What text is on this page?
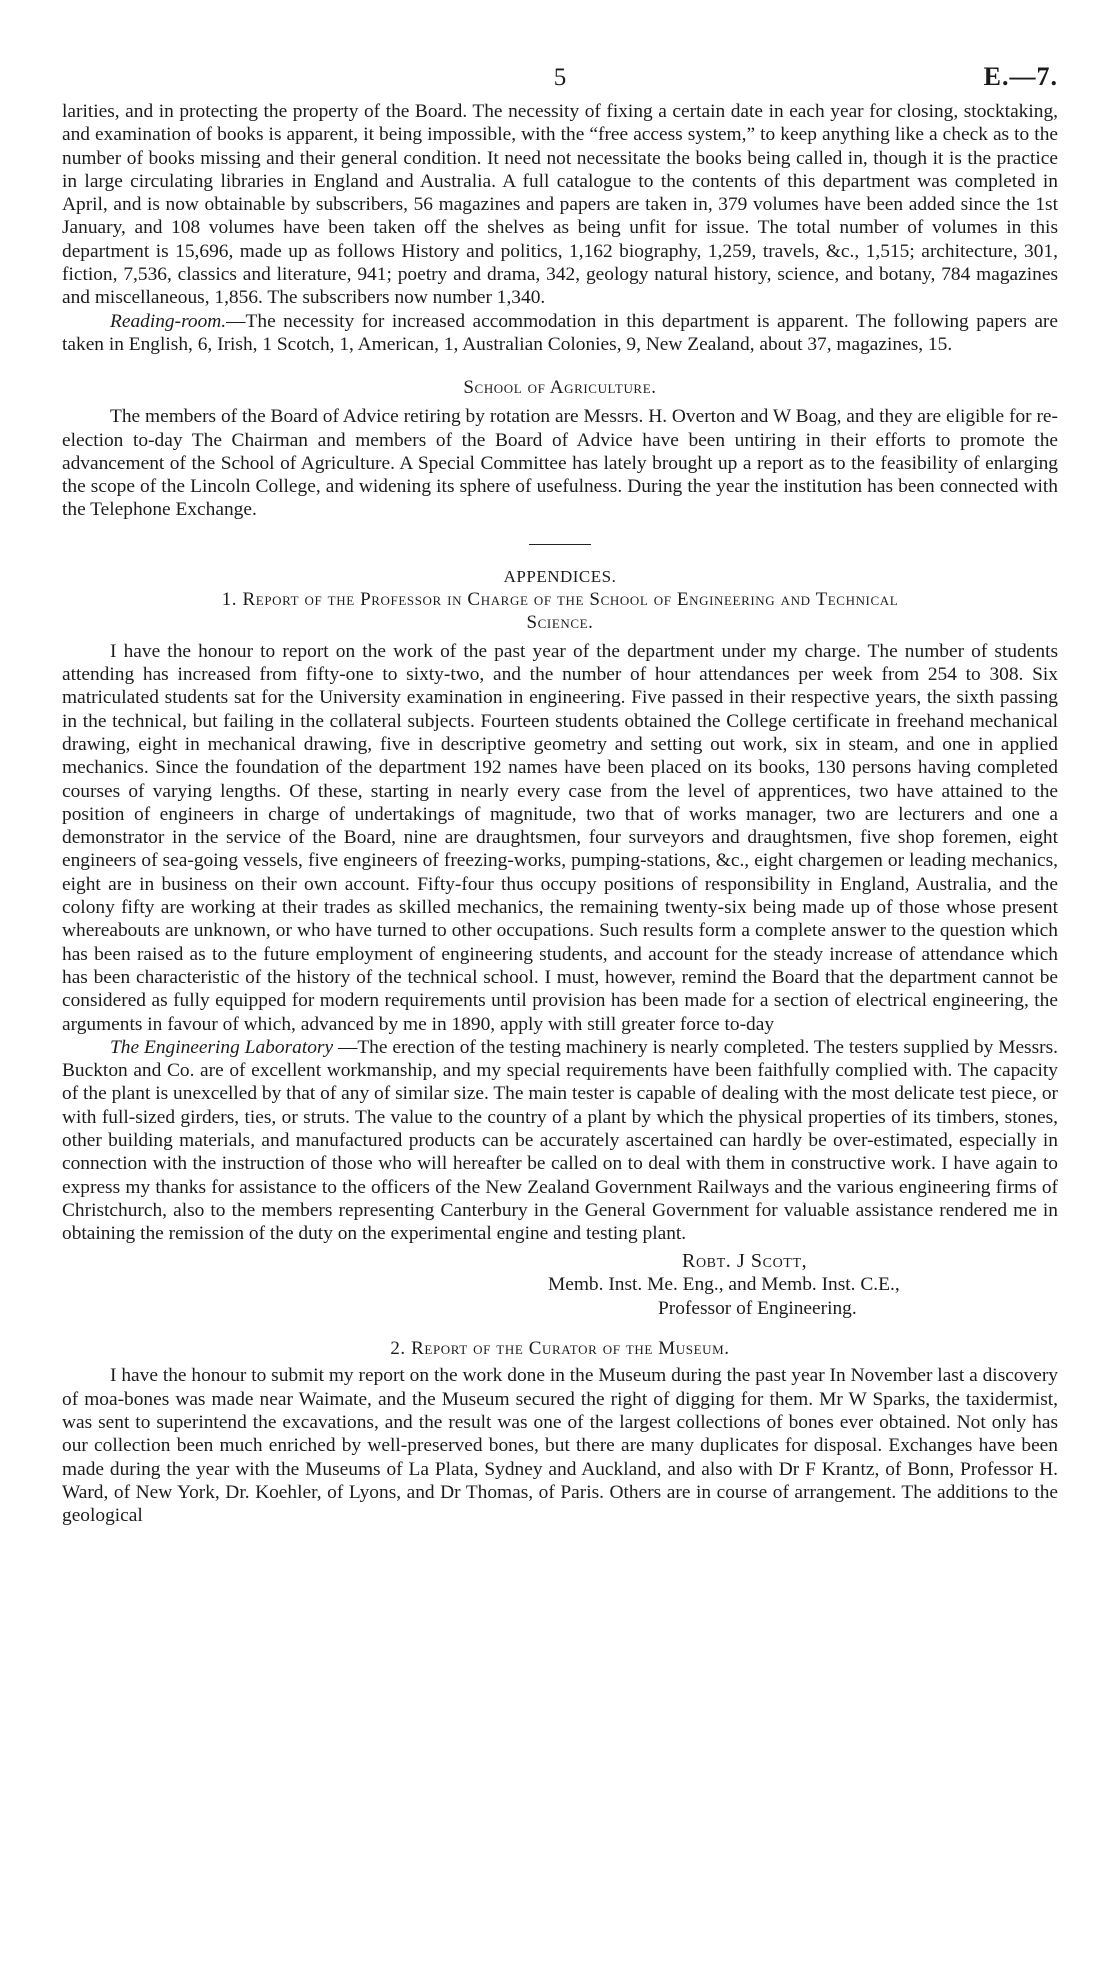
5	E.—7.

larities, and in protecting the property of the Board. The necessity of fixing a certain date in each year for closing, stocktaking, and examination of books is apparent, it being impossible, with the “free access system,” to keep anything like a check as to the number of books missing and their general condition. It need not necessitate the books being called in, though it is the practice in large circulating libraries in England and Australia. A full catalogue to the contents of this department was completed in April, and is now obtainable by subscribers, 56 magazines and papers are taken in, 379 volumes have been added since the 1st January, and 108 volumes have been taken off the shelves as being unfit for issue. The total number of volumes in this department is 15,696, made up as follows History and politics, 1,162 biography, 1,259, travels, &c., 1,515; architecture, 301, fiction, 7,536, classics and literature, 941; poetry and drama, 342, geology natural history, science, and botany, 784 magazines and miscellaneous, 1,856. The subscribers now number 1,340.

Reading-room.—The necessity for increased accommodation in this department is apparent. The following papers are taken in English, 6, Irish, 1 Scotch, 1, American, 1, Australian Colonies, 9, New Zealand, about 37, magazines, 15.

School of Agriculture.

The members of the Board of Advice retiring by rotation are Messrs. H. Overton and W Boag, and they are eligible for re-election to-day The Chairman and members of the Board of Advice have been untiring in their efforts to promote the advancement of the School of Agriculture. A Special Committee has lately brought up a report as to the feasibility of enlarging the scope of the Lincoln College, and widening its sphere of usefulness. During the year the institution has been connected with the Telephone Exchange.

APPENDICES.
1. Report of the Professor in Charge of the School of Engineering and Technical
Science.

I have the honour to report on the work of the past year of the department under my charge. The number of students attending has increased from fifty-one to sixty-two, and the number of hour attendances per week from 254 to 308. Six matriculated students sat for the University examination in engineering. Five passed in their respective years, the sixth passing in the technical, but failing in the collateral subjects. Fourteen students obtained the College certificate in freehand mechanical drawing, eight in mechanical drawing, five in descriptive geometry and setting out work, six in steam, and one in applied mechanics. Since the foundation of the department 192 names have been placed on its books, 130 persons having completed courses of varying lengths. Of these, starting in nearly every case from the level of apprentices, two have attained to the position of engineers in charge of undertakings of magnitude, two that of works manager, two are lecturers and one a demonstrator in the service of the Board, nine are draughtsmen, four surveyors and draughtsmen, five shop foremen, eight engineers of sea-going vessels, five engineers of freezing-works, pumping-stations, &c., eight chargemen or leading mechanics, eight are in business on their own account. Fifty-four thus occupy positions of responsibility in England, Australia, and the colony fifty are working at their trades as skilled mechanics, the remaining twenty-six being made up of those whose present whereabouts are unknown, or who have turned to other occupations. Such results form a complete answer to the question which has been raised as to the future employment of engineering students, and account for the steady increase of attendance which has been characteristic of the history of the technical school. I must, however, remind the Board that the department cannot be considered as fully equipped for modern requirements until provision has been made for a section of electrical engineering, the arguments in favour of which, advanced by me in 1890, apply with still greater force to-day

The Engineering Laboratory —The erection of the testing machinery is nearly completed. The testers supplied by Messrs. Buckton and Co. are of excellent workmanship, and my special requirements have been faithfully complied with. The capacity of the plant is unexcelled by that of any of similar size. The main tester is capable of dealing with the most delicate test piece, or with full-sized girders, ties, or struts. The value to the country of a plant by which the physical properties of its timbers, stones, other building materials, and manufactured products can be accurately ascertained can hardly be over-estimated, especially in connection with the instruction of those who will hereafter be called on to deal with them in constructive work. I have again to express my thanks for assistance to the officers of the New Zealand Government Railways and the various engineering firms of Christchurch, also to the members representing Canterbury in the General Government for valuable assistance rendered me in obtaining the remission of the duty on the experimental engine and testing plant.

Robt. J Scott,
Memb. Inst. Me. Eng., and Memb. Inst. C.E.,
Professor of Engineering.
2. Report of the Curator of the Museum.

I have the honour to submit my report on the work done in the Museum during the past year In November last a discovery of moa-bones was made near Waimate, and the Museum secured the right of digging for them. Mr W Sparks, the taxidermist, was sent to superintend the excavations, and the result was one of the largest collections of bones ever obtained. Not only has our collection been much enriched by well-preserved bones, but there are many duplicates for disposal. Exchanges have been made during the year with the Museums of La Plata, Sydney and Auckland, and also with Dr F Krantz, of Bonn, Professor H. Ward, of New York, Dr. Koehler, of Lyons, and Dr Thomas, of Paris. Others are in course of arrangement. The additions to the geological
